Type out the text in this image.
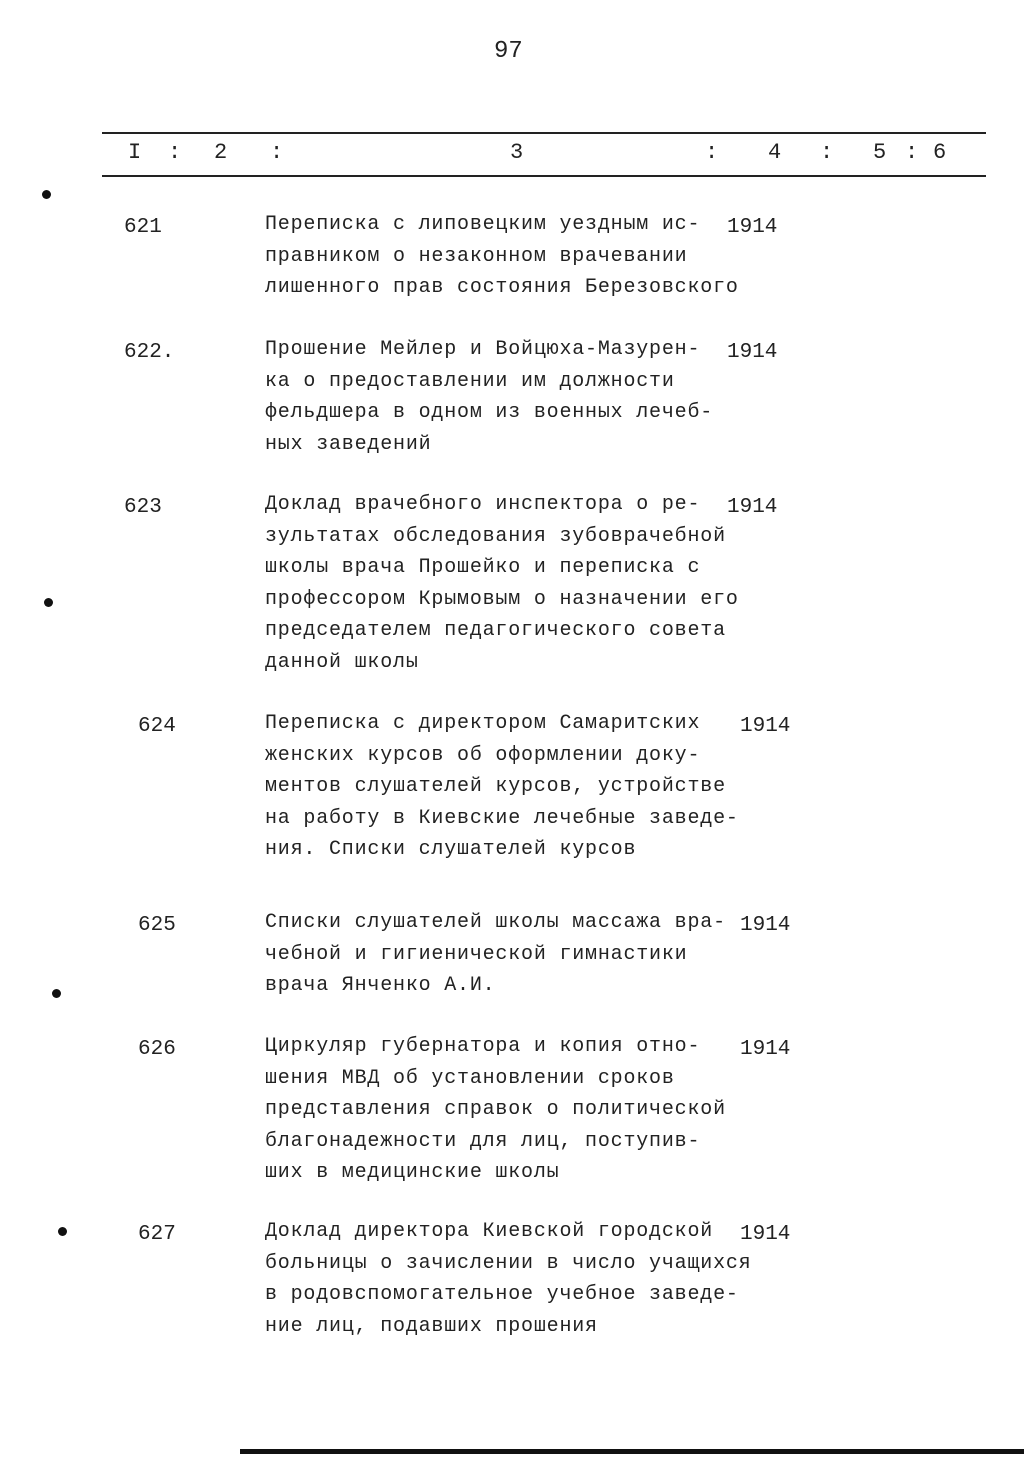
97
I : 2 :	3	: 4 : 5 : 6
621	Переписка с липовецким уездным ис-
правником о незаконном врачевании
лишенного прав состояния Березовского
1914
622.	Прошение Мейлер и Войцюха-Мазурен-
ка о предоставлении им должности
фельдшера в одном из военных лечеб-
ных заведений
1914
623	Доклад врачебного инспектора о ре-
зультатах обследования зубоврачебной
школы врача Прошейко и переписка с
профессором Крымовым о назначении его
председателем педагогического совета
данной школы
1914
624	Переписка с директором Самаритских
женских курсов об оформлении доку-
ментов слушателей курсов, устройстве
на работу в Киевские лечебные заведе-
ния. Списки слушателей курсов
1914
625	Списки слушателей школы массажа вра-
чебной и гигиенической гимнастики
врача Янченко А.И.
1914
626	Циркуляр губернатора и копия отно-
шения МВД об установлении сроков
представления справок о политической
благонадежности для лиц, поступив-
ших в медицинские школы
1914
627	Доклад директора Киевской городской
больницы о зачислении в число учащихся
в родовспомогательное учебное заведе-
ние лиц, подавших прошения
1914
